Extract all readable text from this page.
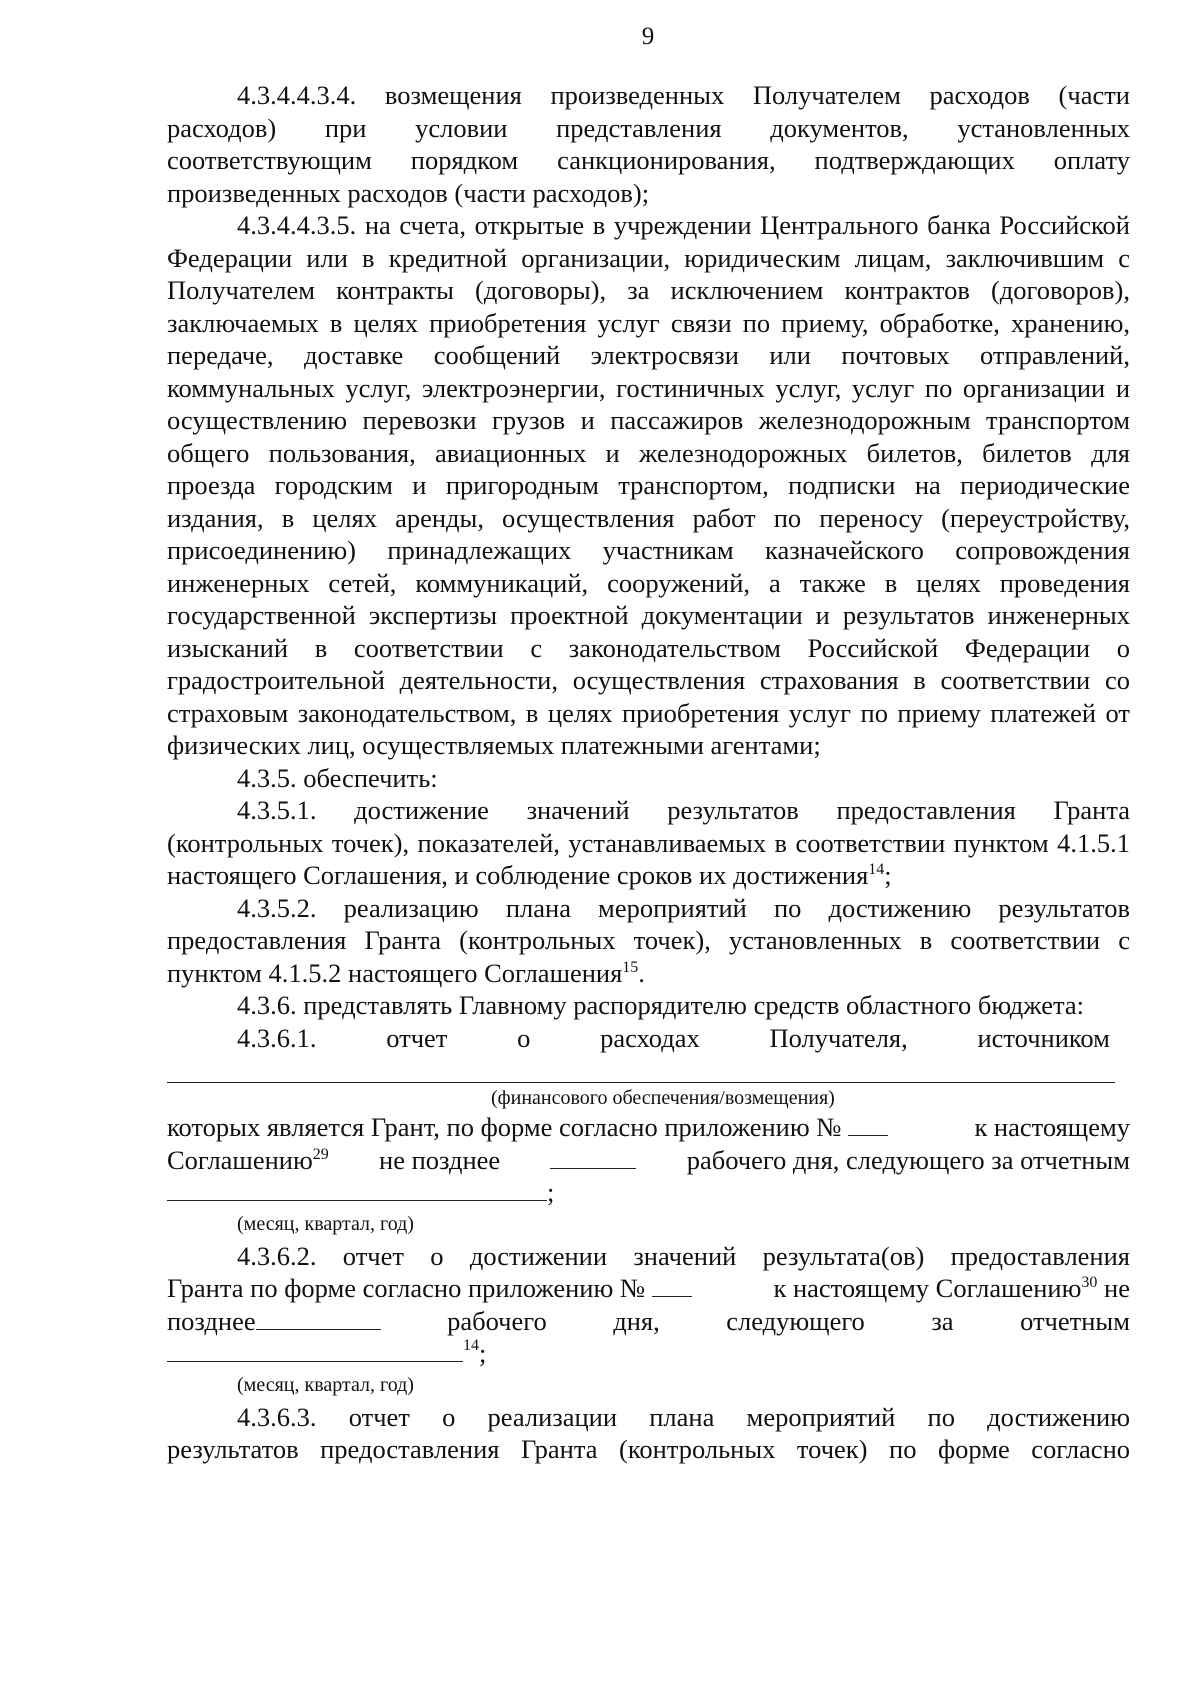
9

4.3.4.4.3.4. возмещения произведенных Получателем расходов (части расходов) при условии представления документов, установленных соответствующим порядком санкционирования, подтверждающих оплату произведенных расходов (части расходов);

4.3.4.4.3.5. на счета, открытые в учреждении Центрального банка Российской Федерации или в кредитной организации, юридическим лицам, заключившим с Получателем контракты (договоры), за исключением контрактов (договоров), заключаемых в целях приобретения услуг связи по приему, обработке, хранению, передаче, доставке сообщений электросвязи или почтовых отправлений, коммунальных услуг, электроэнергии, гостиничных услуг, услуг по организации и осуществлению перевозки грузов и пассажиров железнодорожным транспортом общего пользования, авиационных и железнодорожных билетов, билетов для проезда городским и пригородным транспортом, подписки на периодические издания, в целях аренды, осуществления работ по переносу (переустройству, присоединению) принадлежащих участникам казначейского сопровождения инженерных сетей, коммуникаций, сооружений, а также в целях проведения государственной экспертизы проектной документации и результатов инженерных изысканий в соответствии с законодательством Российской Федерации о градостроительной деятельности, осуществления страхования в соответствии со страховым законодательством, в целях приобретения услуг по приему платежей от физических лиц, осуществляемых платежными агентами;

4.3.5. обеспечить:

4.3.5.1. достижение значений результатов предоставления Гранта (контрольных точек), показателей, устанавливаемых в соответствии пунктом 4.1.5.1 настоящего Соглашения, и соблюдение сроков их достижения$^{14}$;

4.3.5.2. реализацию плана мероприятий по достижению результатов предоставления Гранта (контрольных точек), установленных в соответствии с пунктом 4.1.5.2 настоящего Соглашения$^{15}$.

4.3.6. представлять Главному распорядителю средств областного бюджета:

4.3.6.1.	отчет	о	расходах	Получателя,	источником
(финансового обеспечения/возмещения)
которых является Грант, по форме согласно приложению №	к настоящему
Соглашению$^{29}$ не позднее	рабочего дня, следующего за отчетным
;
(месяц, квартал, год)
4.3.6.2. отчет о достижении значений результата(ов) предоставления
Гранта по форме согласно приложению №	к настоящему Соглашению$^{30}$ не
позднее	рабочего	дня,	следующего	за	отчетным
$^{14}$;
(месяц, квартал, год)
4.3.6.3. отчет о реализации плана мероприятий по достижению
результатов предоставления Гранта (контрольных точек) по форме согласно
